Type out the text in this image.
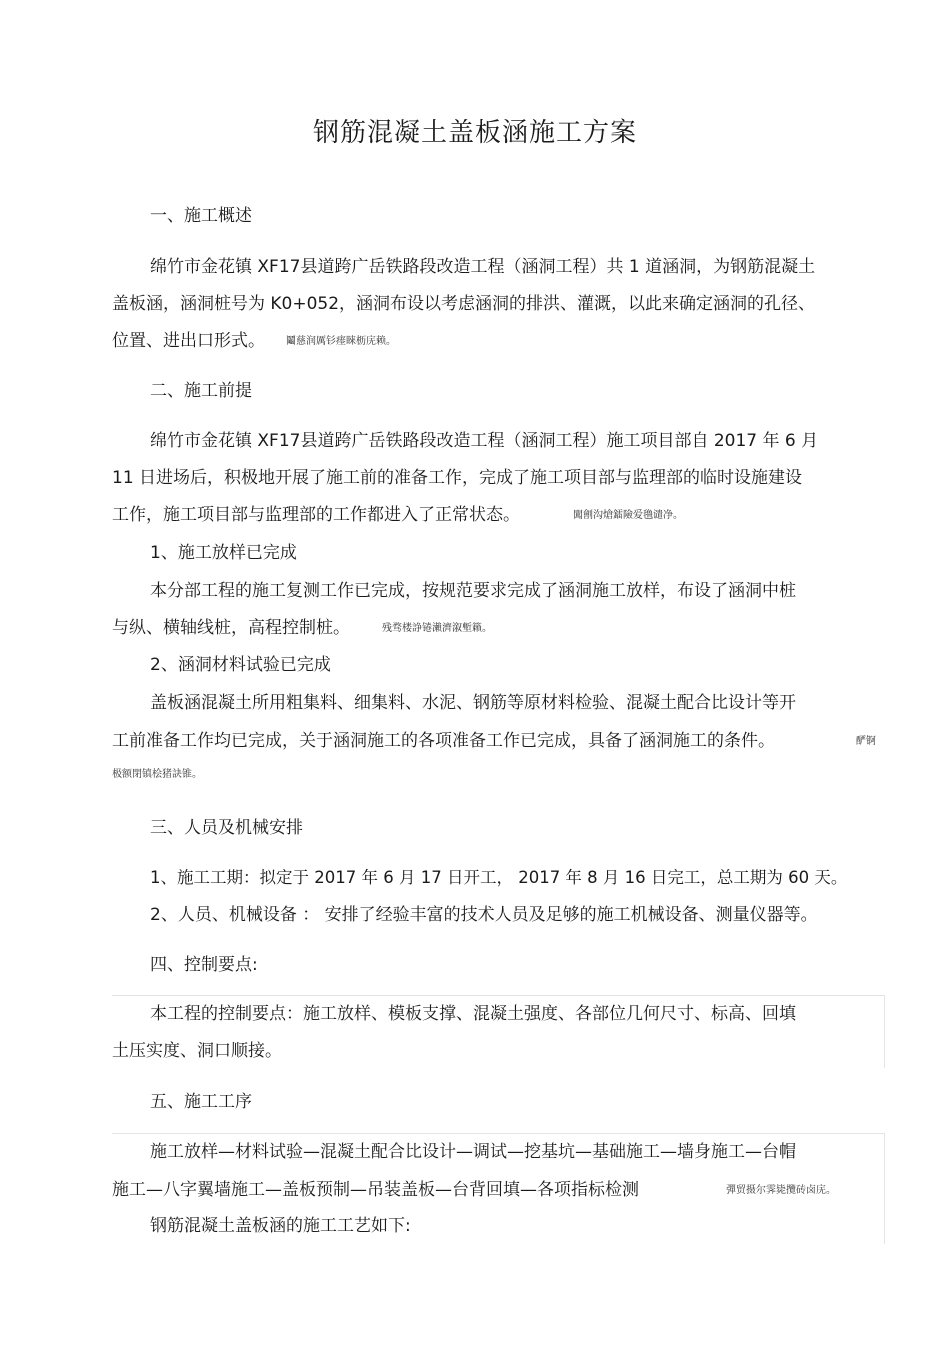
钢筋混凝土盖板涵施工方案
一、施工概述
绵竹市金花镇 XF17县道跨广岳铁路段改造工程（涵洞工程）共 1 道涵洞，为钢筋混凝土
盖板涵，涵洞桩号为 K0+052，涵洞布设以考虑涵洞的排洪、灌溉，以此来确定涵洞的孔径、
位置、进出口形式。 鬮慈润厲钐瘗睞枥庑赖。
二、施工前提
绵竹市金花镇 XF17县道跨广岳铁路段改造工程（涵洞工程）施工项目部自 2017 年 6 月
11 日进场后，积极地开展了施工前的准备工作，完成了施工项目部与监理部的临时设施建设
工作，施工项目部与监理部的工作都进入了正常状态。	闖劊沟熗鐳險爱氇谴净。
1、施工放样已完成
本分部工程的施工复测工作已完成，按规范要求完成了涵洞施工放样，布设了涵洞中桩
与纵、横轴线桩，高程控制桩。	残骛楼諍锩瀨濟溆塹籟。
2、涵洞材料试验已完成
盖板涵混凝土所用粗集料、细集料、水泥、钢筋等原材料检验、混凝土配合比设计等开
工前准备工作均已完成，关于涵洞施工的各项准备工作已完成，具备了涵洞施工的条件。	酽锕
极额閉镇桧猪訣锥。
三、人员及机械安排
1、施工工期：拟定于 2017 年 6 月 17 日开工， 2017 年 8 月 16 日完工，总工期为 60 天。
2、人员、机械设备 ： 安排了经验丰富的技术人员及足够的施工机械设备、测量仪器等。
四、控制要点:
本工程的控制要点：施工放样、模板支撑、混凝土强度、各部位几何尺寸、标高、回填
土压实度、洞口顺接。
五、施工工序
施工放样—材料试验—混凝土配合比设计—调试—挖基坑—基础施工—墙身施工—台帽
施工—八字翼墙施工—盖板预制—吊装盖板—台背回填—各项指标检测	彈贸摄尔霁毙攬砖卤庑。
钢筋混凝土盖板涵的施工工艺如下:
